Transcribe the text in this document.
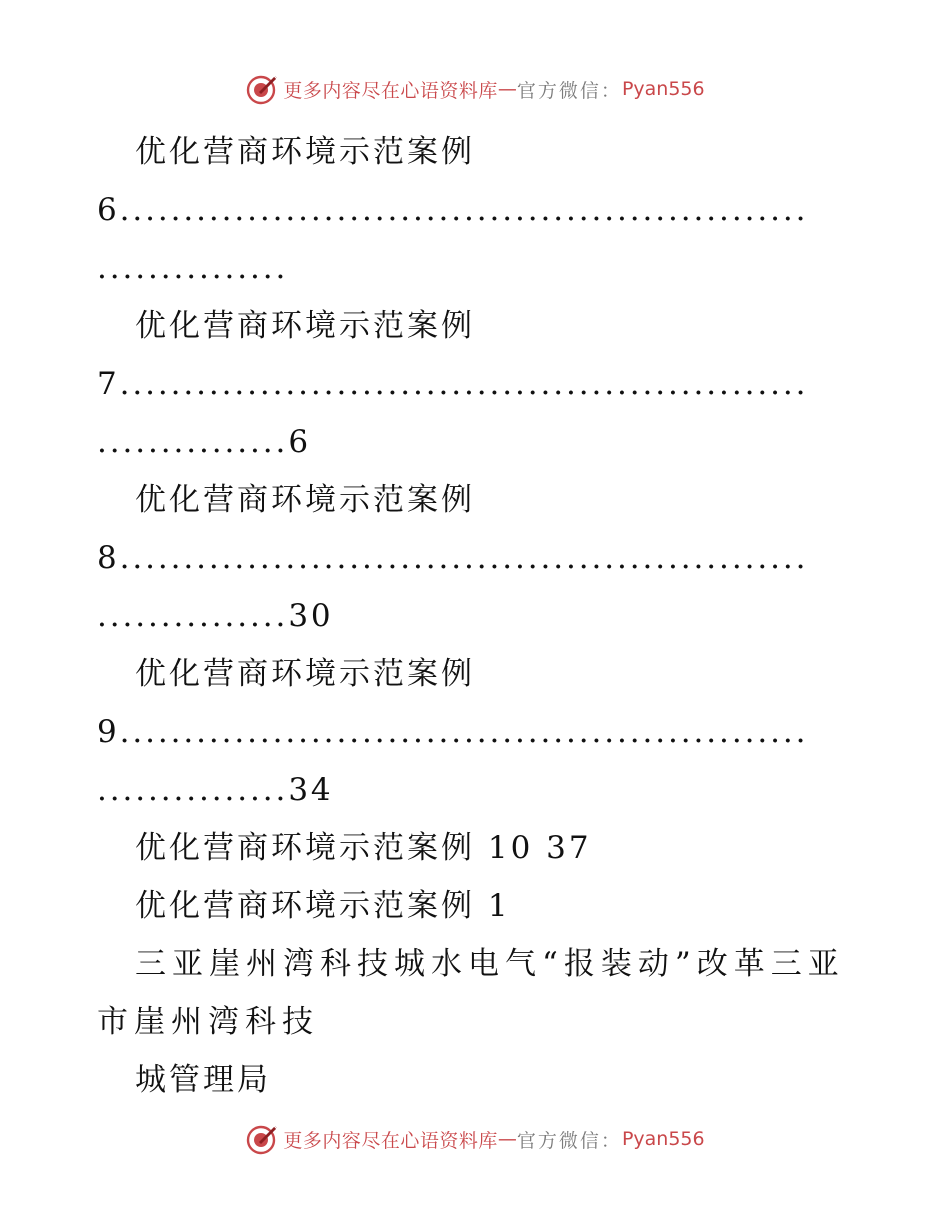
更多内容尽在心语资料库 — 官方微信： Pyan556
优化营商环境示范案例
6......................................................
...............
优化营商环境示范案例
7......................................................
...............6
优化营商环境示范案例
8......................................................
...............30
优化营商环境示范案例
9......................................................
...............34
优化营商环境示范案例 10 37
优化营商环境示范案例 1
三亚崖州湾科技城水电气“报装动”改革三亚市崖州湾科技
城管理局
更多内容尽在心语资料库 — 官方微信： Pyan556
